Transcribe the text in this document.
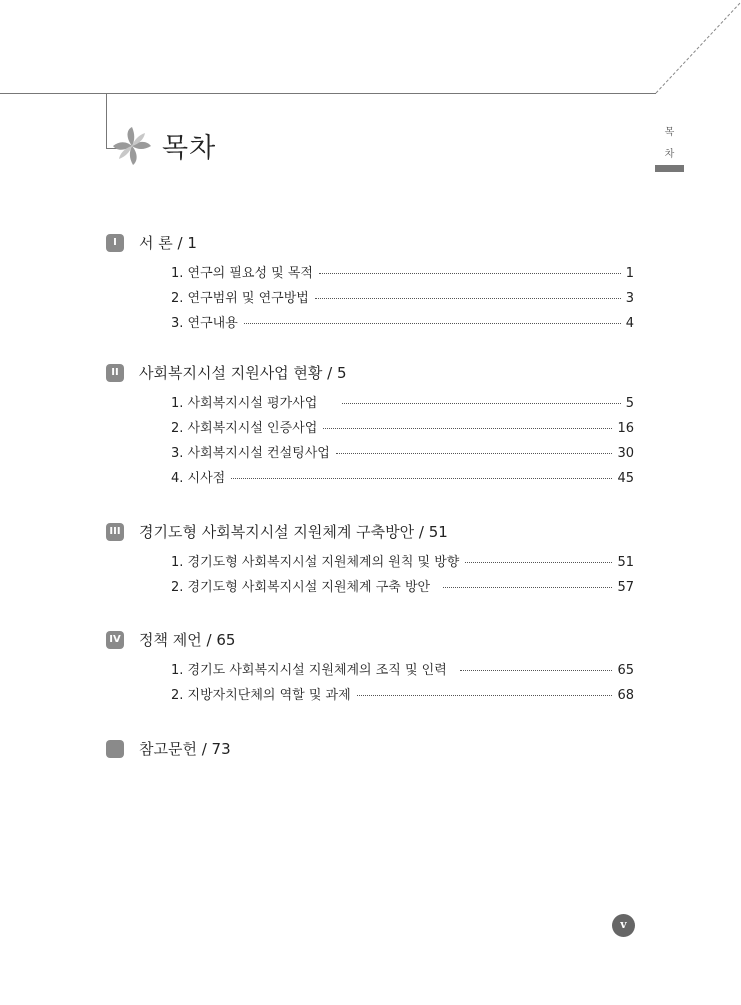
목차
목
차
I	서 론 / 1
1. 연구의 필요성 및 목적	1
2. 연구범위 및 연구방법	3
3. 연구내용	4
II	사회복지시설 지원사업 현황 / 5
1. 사회복지시설 평가사업	5
2. 사회복지시설 인증사업	16
3. 사회복지시설 컨설팅사업	30
4. 시사점	45
III 경기도형 사회복지시설 지원체계 구축방안 / 51
1. 경기도형 사회복지시설 지원체계의 원칙 및 방향	51
2. 경기도형 사회복지시설 지원체계 구축 방안	57
IV 정책 제언 / 65
1. 경기도 사회복지시설 지원체계의 조직 및 인력	65
2. 지방자치단체의 역할 및 과제	68
참고문헌 / 73
v
